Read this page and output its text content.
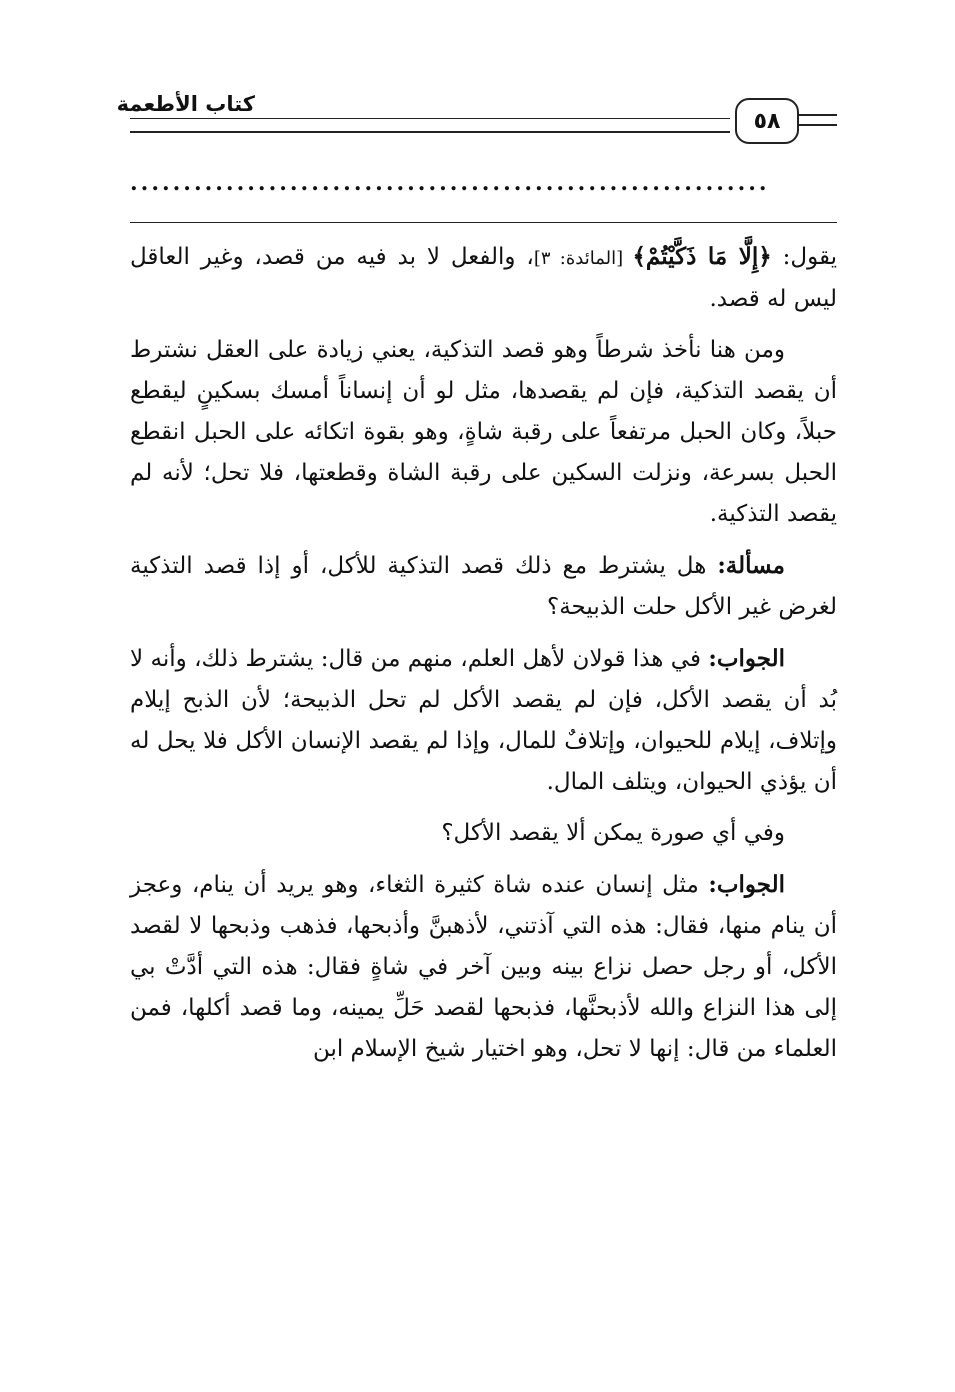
كتاب الأطعمة
٥٨
............................................................

يقول: ﴿إِلَّا مَا ذَكَّيْتُمْ﴾ [المائدة: ٣]، والفعل لا بد فيه من قصد، وغير العاقل ليس له قصد.

ومن هنا نأخذ شرطاً وهو قصد التذكية، يعني زيادة على العقل نشترط أن يقصد التذكية، فإن لم يقصدها، مثل لو أن إنساناً أمسك بسكينٍ ليقطع حبلاً، وكان الحبل مرتفعاً على رقبة شاةٍ، وهو بقوة اتكائه على الحبل انقطع الحبل بسرعة، ونزلت السكين على رقبة الشاة وقطعتها، فلا تحل؛ لأنه لم يقصد التذكية.

مسألة: هل يشترط مع ذلك قصد التذكية للأكل، أو إذا قصد التذكية لغرض غير الأكل حلت الذبيحة؟

الجواب: في هذا قولان لأهل العلم، منهم من قال: يشترط ذلك، وأنه لا بُد أن يقصد الأكل، فإن لم يقصد الأكل لم تحل الذبيحة؛ لأن الذبح إيلام وإتلاف، إيلام للحيوان، وإتلافٌ للمال، وإذا لم يقصد الإنسان الأكل فلا يحل له أن يؤذي الحيوان، ويتلف المال.

وفي أي صورة يمكن ألا يقصد الأكل؟

الجواب: مثل إنسان عنده شاة كثيرة الثغاء، وهو يريد أن ينام، وعجز أن ينام منها، فقال: هذه التي آذتني، لأذهبنَّ وأذبحها، فذهب وذبحها لا لقصد الأكل، أو رجل حصل نزاع بينه وبين آخر في شاةٍ فقال: هذه التي أدَّتْ بي إلى هذا النزاع والله لأذبحنَّها، فذبحها لقصد حَلِّ يمينه، وما قصد أكلها، فمن العلماء من قال: إنها لا تحل، وهو اختيار شيخ الإسلام ابن
